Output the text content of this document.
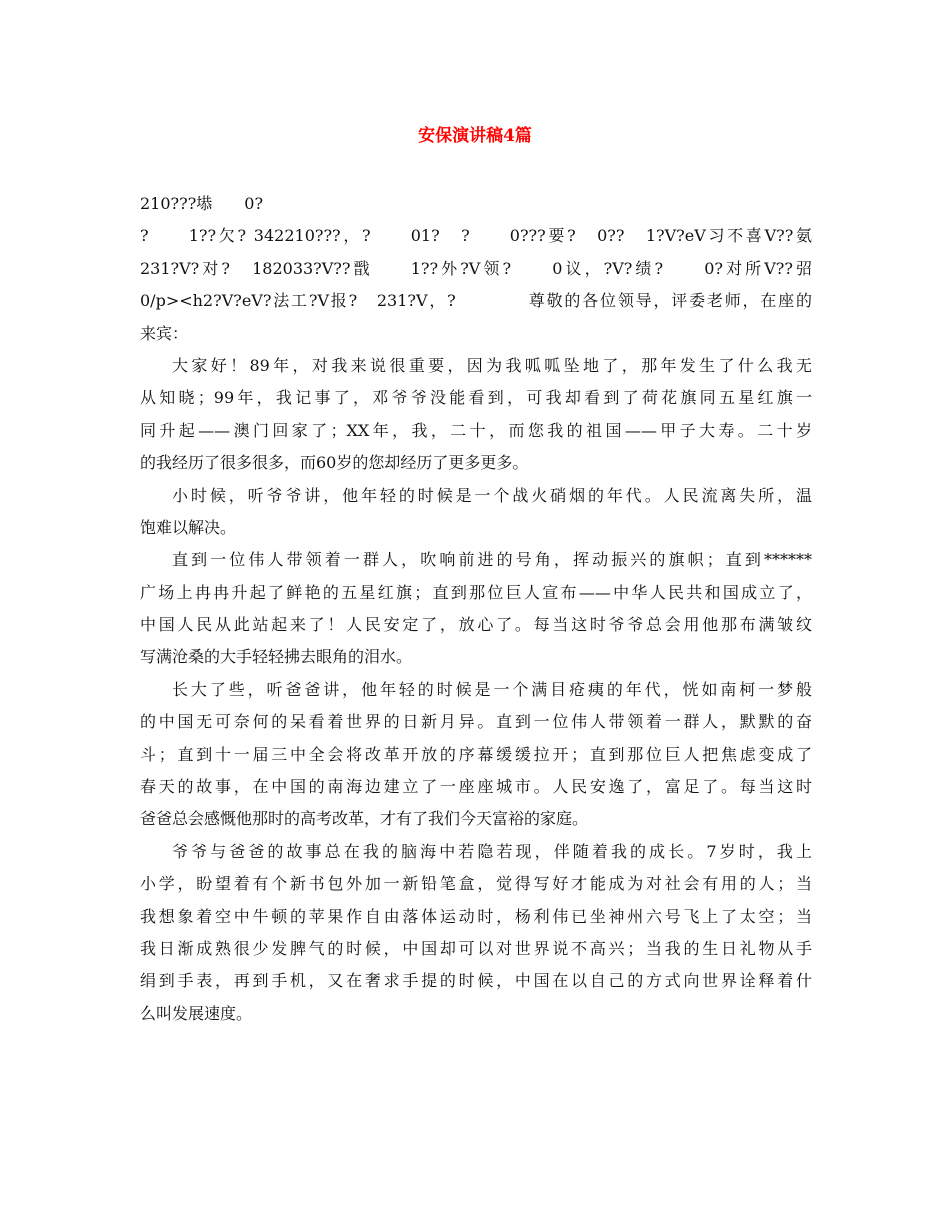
安保演讲稿4篇
210???塨　　0?
?　　1??欠? 342210???，?　　01?　?　　0???要?　0??　1?V?eV习不喜V??氨
231?V?对?　182033?V??戬　　1??外?V领?　　0议，?V?绩?　　0?对所V??弨
0/p><h2?V?eV?法工?V报?　231?V，?　　　　尊敬的各位领导，评委老师，在座的
来宾：
大家好！89年，对我来说很重要，因为我呱呱坠地了，那年发生了什么我无
从知晓；99年，我记事了，邓爷爷没能看到，可我却看到了荷花旗同五星红旗一
同升起——澳门回家了；XX年，我，二十，而您我的祖国——甲子大寿。二十岁
的我经历了很多很多，而60岁的您却经历了更多更多。
小时候，听爷爷讲，他年轻的时候是一个战火硝烟的年代。人民流离失所，温
饱难以解决。
直到一位伟人带领着一群人，吹响前进的号角，挥动振兴的旗帜；直到******
广场上冉冉升起了鲜艳的五星红旗；直到那位巨人宣布——中华人民共和国成立了，
中国人民从此站起来了！人民安定了，放心了。每当这时爷爷总会用他那布满皱纹
写满沧桑的大手轻轻拂去眼角的泪水。
长大了些，听爸爸讲，他年轻的时候是一个满目疮痍的年代，恍如南柯一梦般
的中国无可奈何的呆看着世界的日新月异。直到一位伟人带领着一群人，默默的奋
斗；直到十一届三中全会将改革开放的序幕缓缓拉开；直到那位巨人把焦虑变成了
春天的故事，在中国的南海边建立了一座座城市。人民安逸了，富足了。每当这时
爸爸总会感慨他那时的高考改革，才有了我们今天富裕的家庭。
爷爷与爸爸的故事总在我的脑海中若隐若现，伴随着我的成长。7岁时，我上
小学，盼望着有个新书包外加一新铅笔盒，觉得写好才能成为对社会有用的人；当
我想象着空中牛顿的苹果作自由落体运动时，杨利伟已坐神州六号飞上了太空；当
我日渐成熟很少发脾气的时候，中国却可以对世界说不高兴；当我的生日礼物从手
绢到手表，再到手机，又在奢求手提的时候，中国在以自己的方式向世界诠释着什
么叫发展速度。
